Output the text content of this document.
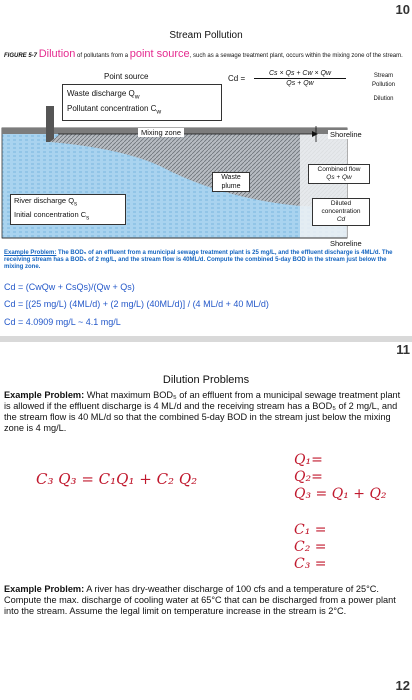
10
Stream Pollution
FIGURE 5-7 Dilution of pollutants from a point source, such as a sewage treatment plant, occurs within the mixing zone of the stream.
Cd =
Cs × Qs + Cw × Qw
Qs + Qw
Stream
Pollution
Dilution
Point source
Waste discharge $Q_w$
Pollutant concentration $C_w$
Mixing zone	Shoreline
Combined flow
Qs + Qw
Waste
plume
River discharge $Q_s$
Initial concentration $C_s$
Diluted
concentration
Cd
Shoreline
Example Problem: The BOD₅ of an effluent from a municipal sewage treatment plant is 25 mg/L, and the effluent discharge is 4ML/d. The receiving stream has a BOD₅ of 2 mg/L, and the stream flow is 40ML/d. Compute the combined 5-day BOD in the stream just below the mixing zone.
Cd = (CwQw + CsQs)/(Qw + Qs)
Cd = [(25 mg/L) (4ML/d) + (2 mg/L) (40ML/d)] / (4 ML/d + 40 ML/d)
Cd = 4.0909 mg/L ~ 4.1 mg/L
11
Dilution Problems
Example Problem: What maximum BOD₅ of an effluent from a municipal sewage treatment plant is allowed if the effluent discharge is 4 ML/d and the receiving stream has a BOD₅ of 2 mg/L, and the stream flow is 40 ML/d so that the combined 5-day BOD in the stream just below the mixing zone is 4 mg/L.
C₃ Q₃ = C₁Q₁ + C₂ Q₂
Q₁=
Q₂=
Q₃ = Q₁ + Q₂
C₁ =
C₂ =
C₃ =
Example Problem: A river has dry-weather discharge of 100 cfs and a temperature of 25°C. Compute the max. discharge of cooling water at 65°C that can be discharged from a power plant into the stream. Assume the legal limit on temperature increase in the stream is 2°C.
12
